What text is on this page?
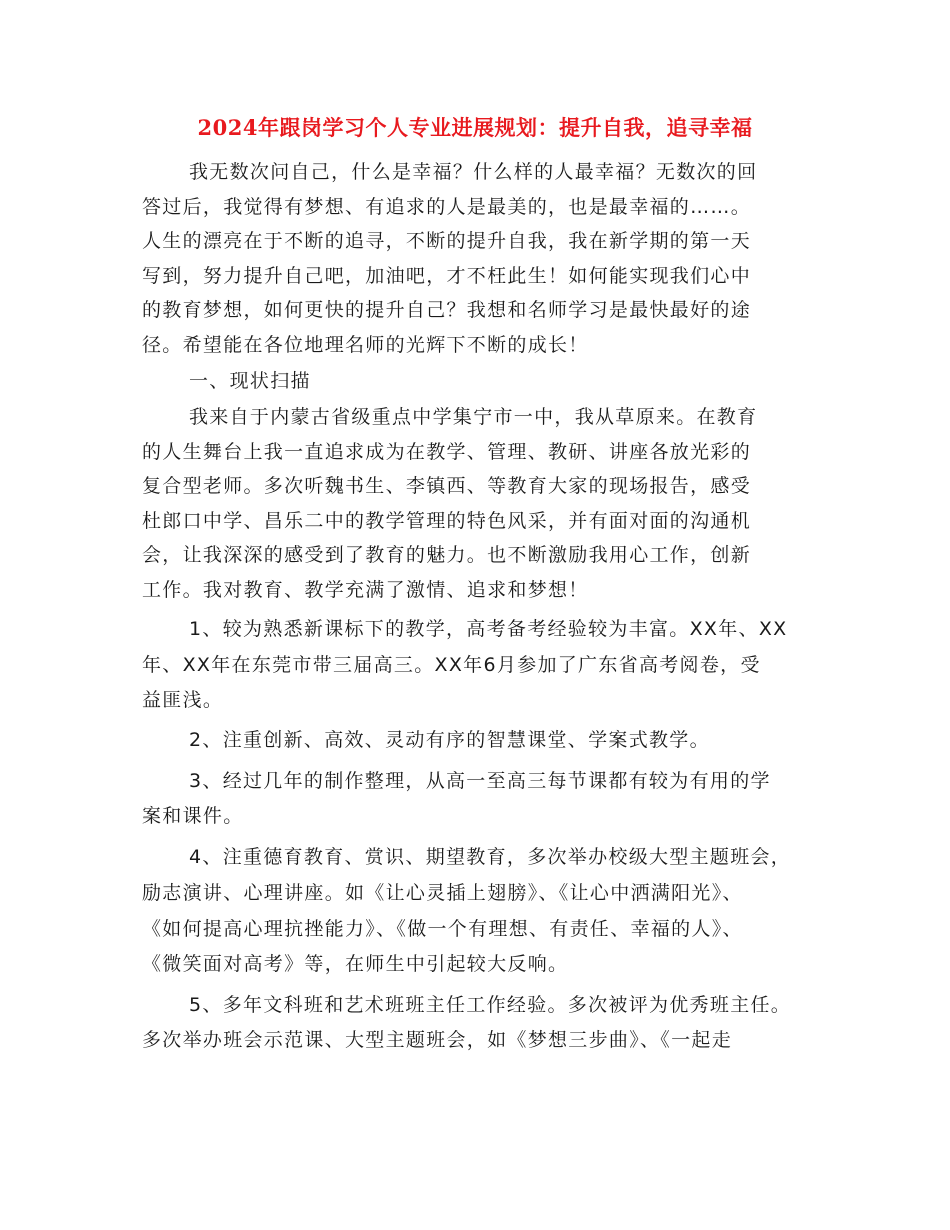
2024年跟岗学习个人专业进展规划：提升自我，追寻幸福

我无数次问自己，什么是幸福？什么样的人最幸福？无数次的回

答过后，我觉得有梦想、有追求的人是最美的，也是最幸福的……。

人生的漂亮在于不断的追寻，不断的提升自我，我在新学期的第一天

写到，努力提升自己吧，加油吧，才不枉此生！如何能实现我们心中

的教育梦想，如何更快的提升自己？我想和名师学习是最快最好的途

径。希望能在各位地理名师的光辉下不断的成长！

一、现状扫描

我来自于内蒙古省级重点中学集宁市一中，我从草原来。在教育

的人生舞台上我一直追求成为在教学、管理、教研、讲座各放光彩的

复合型老师。多次听魏书生、李镇西、等教育大家的现场报告，感受

杜郎口中学、昌乐二中的教学管理的特色风采，并有面对面的沟通机

会，让我深深的感受到了教育的魅力。也不断激励我用心工作，创新

工作。我对教育、教学充满了激情、追求和梦想！

1、较为熟悉新课标下的教学，高考备考经验较为丰富。XX年、XX

年、XX年在东莞市带三届高三。XX年6月参加了广东省高考阅卷，受

益匪浅。

2、注重创新、高效、灵动有序的智慧课堂、学案式教学。

3、经过几年的制作整理，从高一至高三每节课都有较为有用的学

案和课件。

4、注重德育教育、赏识、期望教育，多次举办校级大型主题班会，

励志演讲、心理讲座。如《让心灵插上翅膀》、《让心中洒满阳光》、

《如何提高心理抗挫能力》、《做一个有理想、有责任、幸福的人》、

《微笑面对高考》等，在师生中引起较大反响。

5、多年文科班和艺术班班主任工作经验。多次被评为优秀班主任。

多次举办班会示范课、大型主题班会，如《梦想三步曲》、《一起走
